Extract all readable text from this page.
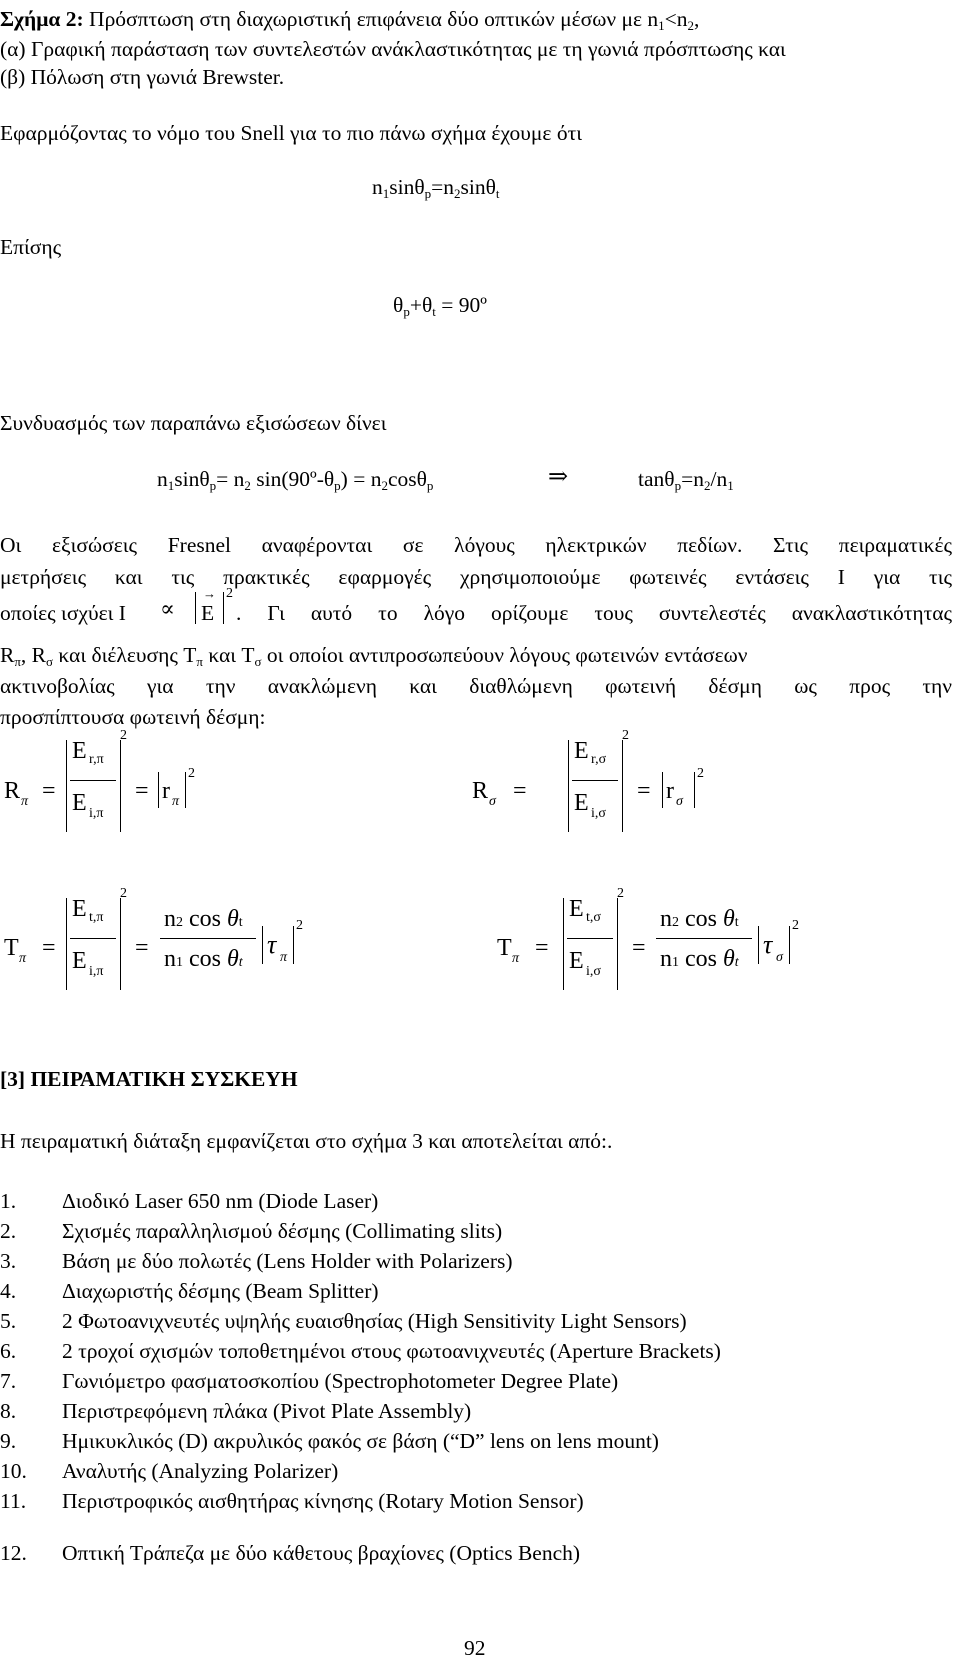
Σχήμα 2: Πρόσπτωση στη διαχωριστική επιφάνεια δύο οπτικών μέσων με $n_1<n_2$,
(α) Γραφική παράσταση των συντελεστών ανάκλαστικότητας με τη γωνιά πρόσπτωσης και
(β) Πόλωση στη γωνιά Brewster.
Εφαρμόζοντας το νόμο του Snell για το πιο πάνω σχήμα έχουμε ότι
$n_1\sin\theta_p=n_2\sin\theta_t$
Επίσης
$\theta_p+\theta_t$ = 90º
Συνδυασμός των παραπάνω εξισώσεων δίνει
$n_1\sin\theta_p= n_2$ $\sin(90º-\theta_p) = n_2\cos\theta_p$	⇒	$\tan\theta_p=n_2/n_1$
Οι εξισώσεις Fresnel αναφέρονται σε λόγους ηλεκτρικών πεδίων. Στις πειραματικές
μετρήσεις και τις πρακτικές εφαρμογές χρησιμοποιούμε φωτεινές εντάσεις I για τις
οποίες ισχύει I ∝
→
E
2
. Γι αυτό το λόγο ορίζουμε τους συντελεστές ανακλαστικότητας
$R_\pi$, $R_\sigma$ και διέλευσης $T_\pi$ και $T_\sigma$ οι οποίοι αντιπροσωπεύουν λόγους φωτεινών εντάσεων
ακτινοβολίας για την ανακλώμενη και διαθλώμενη φωτεινή δέσμη ως προς την
προσπίπτουσα φωτεινή δέσμη:
R π =
E r,π
E i,π
2
= r π
2
R σ =
E r,σ
E i,σ
2
= r σ
2
T π =
E t,π
E i,π
2
=
n2 cos θt
n1 cos θt
τ π
2
T π =
E t,σ
E i,σ
2
=
n2 cos θt
n1 cos θt
τ σ
2
[3] ΠΕΙΡΑΜΑΤΙΚΗ ΣΥΣΚΕΥΗ
Η πειραματική διάταξη εμφανίζεται στο σχήμα 3 και αποτελείται από:.
1. Διοδικό Laser 650 nm (Diode Laser)
2. Σχισμές παραλληλισμού δέσμης (Collimating slits)
3. Βάση με δύο πολωτές (Lens Holder with Polarizers)
4. Διαχωριστής δέσμης (Beam Splitter)
5. 2 Φωτοανιχνευτές υψηλής ευαισθησίας (High Sensitivity Light Sensors)
6. 2 τροχοί σχισμών τοποθετημένοι στους φωτοανιχνευτές (Aperture Brackets)
7. Γωνιόμετρο φασματοσκοπίου (Spectrophotometer Degree Plate)
8. Περιστρεφόμενη πλάκα (Pivot Plate Assembly)
9. Ημικυκλικός (D) ακρυλικός φακός σε βάση (“D” lens on lens mount)
10. Αναλυτής (Analyzing Polarizer)
11. Περιστροφικός αισθητήρας κίνησης (Rotary Motion Sensor)
12. Οπτική Τράπεζα με δύο κάθετους βραχίονες (Optics Bench)
92
